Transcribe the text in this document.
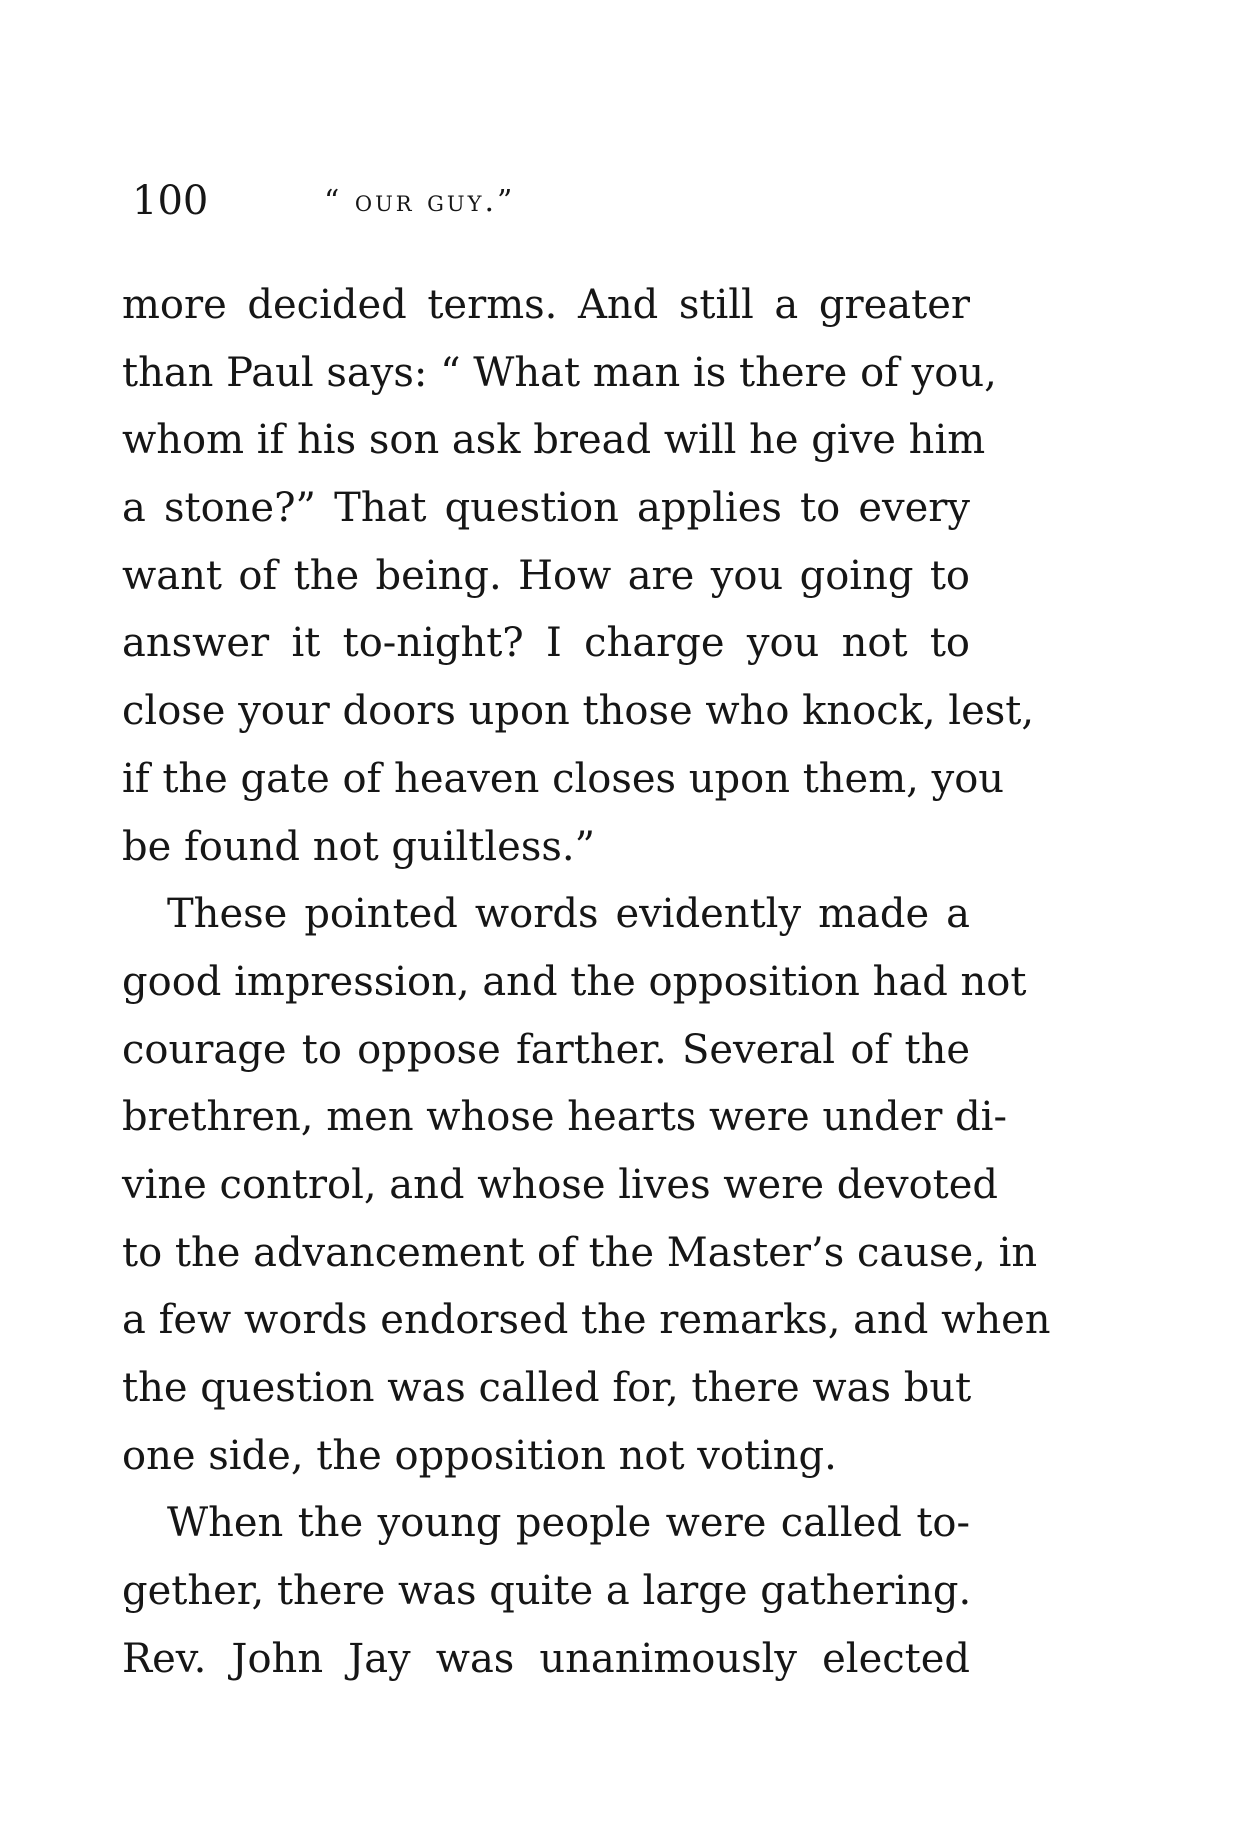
100	“ our guy.”
more decided terms. And still a greater
than Paul says: “ What man is there of you,
whom if his son ask bread will he give him
a stone?” That question applies to every
want of the being. How are you going to
answer it to-night? I charge you not to
close your doors upon those who knock, lest,
if the gate of heaven closes upon them, you
be found not guiltless.”
These pointed words evidently made a
good impression, and the opposition had not
courage to oppose farther. Several of the
brethren, men whose hearts were under di-
vine control, and whose lives were devoted
to the advancement of the Master’s cause, in
a few words endorsed the remarks, and when
the question was called for, there was but
one side, the opposition not voting.
When the young people were called to-
gether, there was quite a large gathering.
Rev. John Jay was unanimously elected
